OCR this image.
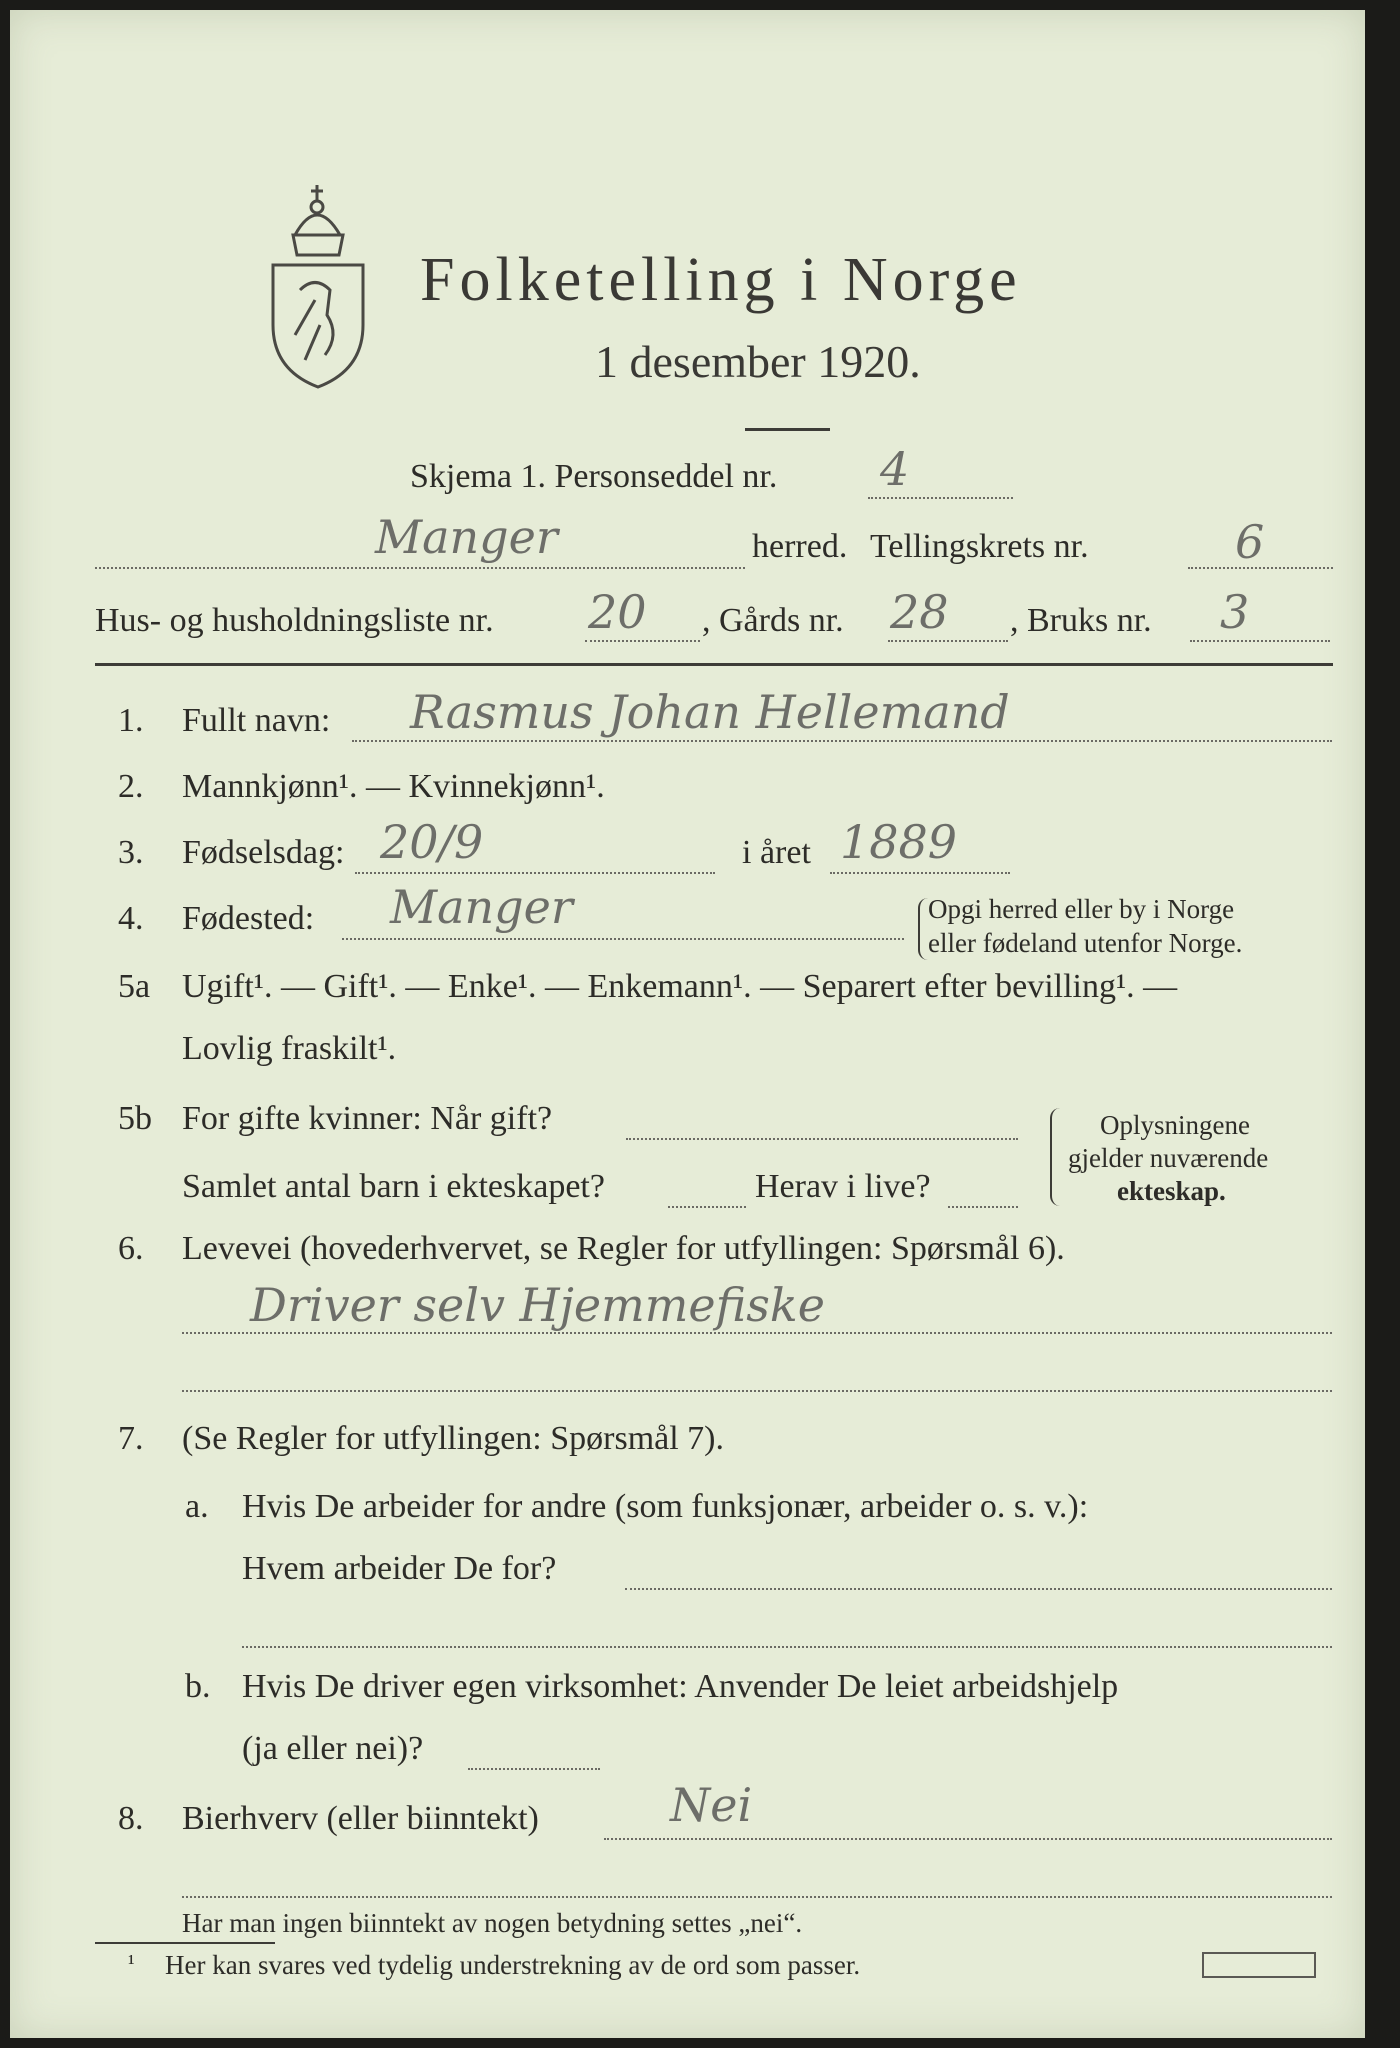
Folketelling i Norge
1 desember 1920.
Skjema 1. Personseddel nr. 4
Manger	herred. Tellingskrets nr.	6
Hus- og husholdningsliste nr. 20 , Gårds nr. 28 , Bruks nr. 3
1. Fullt navn: Rasmus Johan Hellemand
2. Mannkjønn¹. — Kvinnekjønn¹.
3. Fødselsdag: 20/9	i året 1889
4. Fødested: Manger	Opgi herred eller by i Norge
eller fødeland utenfor Norge.
5a Ugift¹. — Gift¹. — Enke¹. — Enkemann¹. — Separert efter bevilling¹. —
Lovlig fraskilt¹.
5b For gifte kvinner: Når gift?
Samlet antal barn i ekteskapet?	Herav i live?
Oplysningene
gjelder nuværende
ekteskap.
6. Levevei (hovederhvervet, se Regler for utfyllingen: Spørsmål 6).
Driver selv Hjemmefiske
7. (Se Regler for utfyllingen: Spørsmål 7).
a. Hvis De arbeider for andre (som funksjonær, arbeider o. s. v.):
Hvem arbeider De for?
b. Hvis De driver egen virksomhet: Anvender De leiet arbeidshjelp
(ja eller nei)?
8. Bierhverv (eller biinntekt)	Nei
Har man ingen biinntekt av nogen betydning settes „nei“.
¹ Her kan svares ved tydelig understrekning av de ord som passer.
